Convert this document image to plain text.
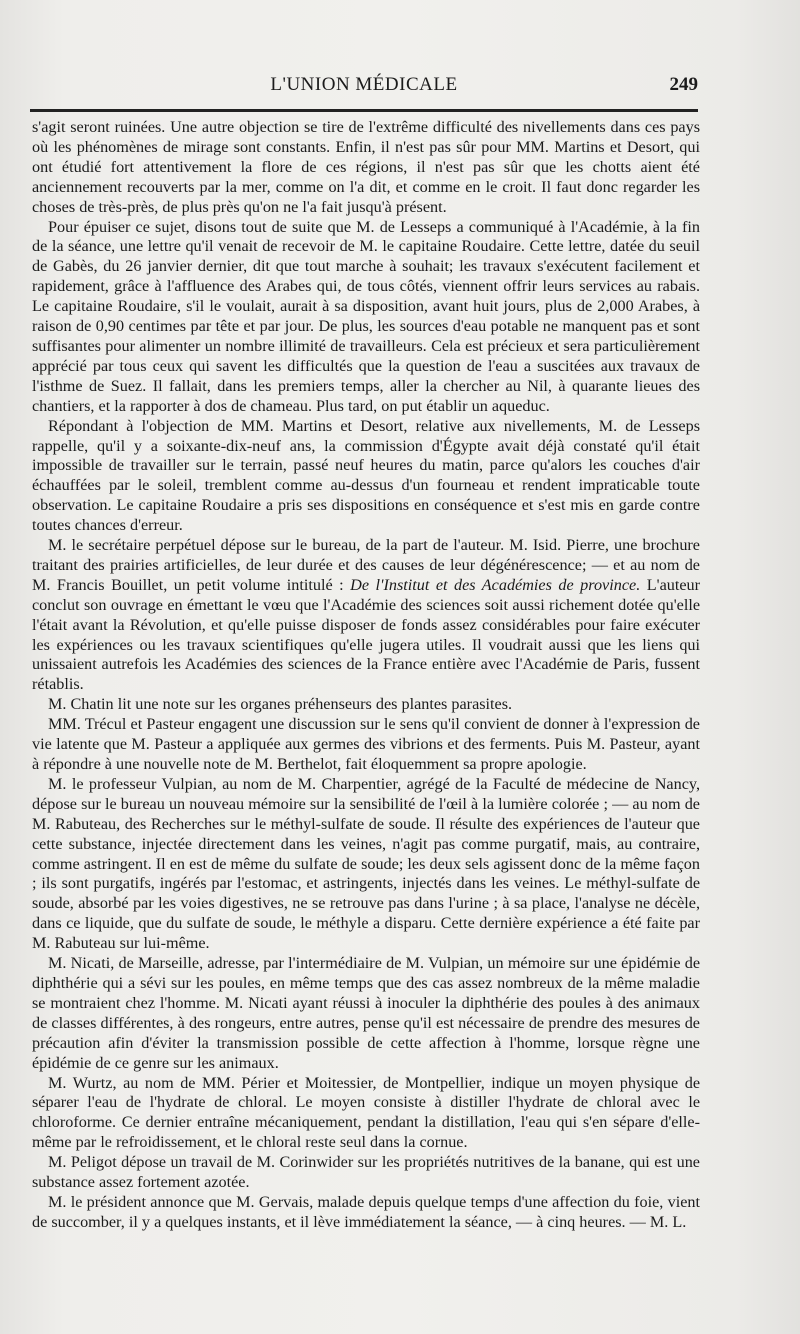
L'UNION MÉDICALE	249

s'agit seront ruinées. Une autre objection se tire de l'extrême difficulté des nivellements dans ces pays où les phénomènes de mirage sont constants. Enfin, il n'est pas sûr pour MM. Martins et Desort, qui ont étudié fort attentivement la flore de ces régions, il n'est pas sûr que les chotts aient été anciennement recouverts par la mer, comme on l'a dit, et comme en le croit. Il faut donc regarder les choses de très-près, de plus près qu'on ne l'a fait jusqu'à présent.

Pour épuiser ce sujet, disons tout de suite que M. de Lesseps a communiqué à l'Académie, à la fin de la séance, une lettre qu'il venait de recevoir de M. le capitaine Roudaire. Cette lettre, datée du seuil de Gabès, du 26 janvier dernier, dit que tout marche à souhait; les travaux s'exécutent facilement et rapidement, grâce à l'affluence des Arabes qui, de tous côtés, viennent offrir leurs services au rabais. Le capitaine Roudaire, s'il le voulait, aurait à sa disposition, avant huit jours, plus de 2,000 Arabes, à raison de 0,90 centimes par tête et par jour. De plus, les sources d'eau potable ne manquent pas et sont suffisantes pour alimenter un nombre illimité de travailleurs. Cela est précieux et sera particulièrement apprécié par tous ceux qui savent les difficultés que la question de l'eau a suscitées aux travaux de l'isthme de Suez. Il fallait, dans les premiers temps, aller la chercher au Nil, à quarante lieues des chantiers, et la rapporter à dos de chameau. Plus tard, on put établir un aqueduc.

Répondant à l'objection de MM. Martins et Desort, relative aux nivellements, M. de Lesseps rappelle, qu'il y a soixante-dix-neuf ans, la commission d'Égypte avait déjà constaté qu'il était impossible de travailler sur le terrain, passé neuf heures du matin, parce qu'alors les couches d'air échauffées par le soleil, tremblent comme au-dessus d'un fourneau et rendent impraticable toute observation. Le capitaine Roudaire a pris ses dispositions en conséquence et s'est mis en garde contre toutes chances d'erreur.

M. le secrétaire perpétuel dépose sur le bureau, de la part de l'auteur. M. Isid. Pierre, une brochure traitant des prairies artificielles, de leur durée et des causes de leur dégénérescence; — et au nom de M. Francis Bouillet, un petit volume intitulé : De l'Institut et des Académies de province. L'auteur conclut son ouvrage en émettant le vœu que l'Académie des sciences soit aussi richement dotée qu'elle l'était avant la Révolution, et qu'elle puisse disposer de fonds assez considérables pour faire exécuter les expériences ou les travaux scientifiques qu'elle jugera utiles. Il voudrait aussi que les liens qui unissaient autrefois les Académies des sciences de la France entière avec l'Académie de Paris, fussent rétablis.

M. Chatin lit une note sur les organes préhenseurs des plantes parasites.

MM. Trécul et Pasteur engagent une discussion sur le sens qu'il convient de donner à l'expression de vie latente que M. Pasteur a appliquée aux germes des vibrions et des ferments. Puis M. Pasteur, ayant à répondre à une nouvelle note de M. Berthelot, fait éloquemment sa propre apologie.

M. le professeur Vulpian, au nom de M. Charpentier, agrégé de la Faculté de médecine de Nancy, dépose sur le bureau un nouveau mémoire sur la sensibilité de l'œil à la lumière colorée ; — au nom de M. Rabuteau, des Recherches sur le méthyl-sulfate de soude. Il résulte des expériences de l'auteur que cette substance, injectée directement dans les veines, n'agit pas comme purgatif, mais, au contraire, comme astringent. Il en est de même du sulfate de soude; les deux sels agissent donc de la même façon ; ils sont purgatifs, ingérés par l'estomac, et astringents, injectés dans les veines. Le méthyl-sulfate de soude, absorbé par les voies digestives, ne se retrouve pas dans l'urine ; à sa place, l'analyse ne décèle, dans ce liquide, que du sulfate de soude, le méthyle a disparu. Cette dernière expérience a été faite par M. Rabuteau sur lui-même.

M. Nicati, de Marseille, adresse, par l'intermédiaire de M. Vulpian, un mémoire sur une épidémie de diphthérie qui a sévi sur les poules, en même temps que des cas assez nombreux de la même maladie se montraient chez l'homme. M. Nicati ayant réussi à inoculer la diphthérie des poules à des animaux de classes différentes, à des rongeurs, entre autres, pense qu'il est nécessaire de prendre des mesures de précaution afin d'éviter la transmission possible de cette affection à l'homme, lorsque règne une épidémie de ce genre sur les animaux.

M. Wurtz, au nom de MM. Périer et Moitessier, de Montpellier, indique un moyen physique de séparer l'eau de l'hydrate de chloral. Le moyen consiste à distiller l'hydrate de chloral avec le chloroforme. Ce dernier entraîne mécaniquement, pendant la distillation, l'eau qui s'en sépare d'elle-même par le refroidissement, et le chloral reste seul dans la cornue.

M. Peligot dépose un travail de M. Corinwider sur les propriétés nutritives de la banane, qui est une substance assez fortement azotée.

M. le président annonce que M. Gervais, malade depuis quelque temps d'une affection du foie, vient de succomber, il y a quelques instants, et il lève immédiatement la séance, — à cinq heures. — M. L.
